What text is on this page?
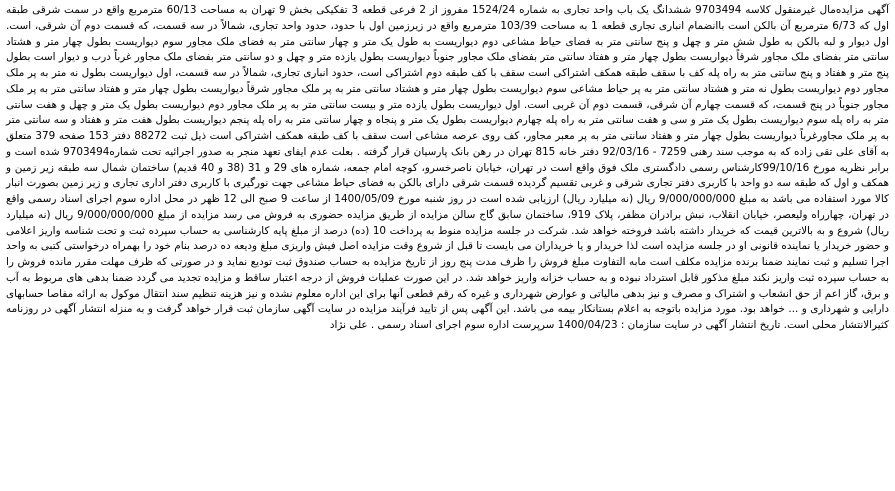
آگهی مزایده‌مال غیرمنقول کلاسه 9703494 ششدانگ یک باب واحد تجاری به شماره 1524/24 مفروز از 2 فرعی قطعه 3 تفکیکی بخش 9 تهران به مساحت 60/13 مترمربع واقع در سمت شرقی طبقه اول که 6/73 مترمربع آن بالکن است باانضمام انباری تجاری قطعه 1 به مساحت 103/39 مترمربع واقع در زیرزمین اول با حدود، حدود واحد تجاری، شمالاً در سه قسمت، که قسمت دوم آن شرقی، است. اول دیوار و لبه بالکن به طول شش متر و چهل و پنج سانتی متر به فضای حیاط مشاعی دوم دیواریست به طول یک متر و چهار سانتی متر به فضای ملک مجاور سوم دیواریست بطول چهار متر و هشتاد سانتی متر بفضای ملک مجاور شرقاً دیواریست بطول چهار متر و هفتاد سانتی متر بفضای ملک مجاور جنوباً دیواریست بطول یازده متر و چهل و دو سانتی متر بفضای ملک مجاور غرباً درب و دیوار است بطول پنج متر و هفتاد و پنج سانتی متر به راه پله کف با سقف طبقه همکف اشتراکی است سقف با کف طبقه دوم اشتراکی است، حدود انباری تجاری، شمالاً در سه قسمت، اول دیواریست بطول نه متر به پر ملک مجاور دوم دیواریست بطول نه متر و هشتاد سانتی متر به پر حیاط مشاعی سوم دیواریست بطول چهار متر و هشتاد سانتی متر به پر ملک مجاور شرقاً دیواریست بطول چهار متر و هفتاد سانتی متر به پر ملک مجاور جنوباً در پنج قسمت، که قسمت چهارم آن شرقی، قسمت دوم آن غربی است. اول دیواریست بطول یازده متر و بیست سانتی متر به پر ملک مجاور دوم دیواریست بطول یک متر و چهل و هفت سانتی متر به راه پله سوم دیواریست بطول یک متر و سی و هفت سانتی متر به راه پله چهارم دیواریست بطول یک متر و پنجاه و چهار سانتی متر به راه پله پنجم دیواریست بطول هفت متر و هفتاد و سه سانتی متر به پر ملک مجاورغرباً دیواریست بطول چهار متر و هفتاد سانتی متر به پر معبر مجاور، کف روی عرصه مشاعی است سقف با کف طبقه همکف اشتراکی است ذیل ثبت 88272 دفتر 153 صفحه 379 متعلق به آقای علی تقی زاده که به موجب سند رهنی 7259 - 92/03/16 دفتر خانه 815 تهران در رهن بانک پارسیان قرار گرفته . بعلت عدم ایفای تعهد منجر به صدور اجرائیه تحت شماره9703494 شده است و برابر نظریه مورخ 99/10/16کارشناس رسمی دادگستری ملک فوق واقع است در تهران، خیابان ناصرخسرو، کوچه امام جمعه، شماره های 29 و 31 (38 و 40 قدیم) ساختمان شمال سه طبقه زیر زمین و همکف و اول که طبقه سه دو واحد با کاربری دفتر تجاری شرقی و غربی تقسیم گردیده قسمت شرقی دارای بالکن به فضای حیاط مشاعی جهت نورگیری با کاربری دفتر اداری تجاری و زیر زمین بصورت انبار کالا مورد استفاده می باشد به مبلغ 9/000/000/000 ریال (نه میلیارد ریال) ارزیابی شده است در روز شنبه مورخ 1400/05/09 از ساعت 9 صبح الی 12 ظهر در محل اداره سوم اجرای اسناد رسمی واقع در تهران، چهارراه ولیعصر، خیابان انقلاب، نبش برادران مظفر، پلاک 919، ساختمان سابق گاج سالن مزایده از طریق مزایده حضوری به فروش می رسد مزایده از مبلغ 9/000/000/000 ریال (نه میلیارد ریال) شروع و به بالاترین قیمت که خریدار داشته باشد فروخته خواهد شد. شرکت در جلسه مزایده منوط به پرداخت 10 (ده) درصد از مبلغ پایه کارشناسی به حساب سپرده ثبت و تحت شناسه واریز اعلامی و حضور خریدار یا نماینده قانونی او در جلسه مزایده است لذا خریدار و یا خریداران می بایست تا قبل از شروع وقت مزایده اصل فیش واریزی مبلغ ودیعه ده درصد بنام خود را بهمراه درخواستی کتبی به واحد اجرا تسلیم و ثبت نمایند ضمنا برنده مزایده مکلف است مابه التفاوت مبلغ فروش را ظرف مدت پنج روز از تاریخ مزایده به حساب صندوق ثبت تودیع نماید و در صورتی که ظرف مهلت مقرر مانده فروش را به حساب سپرده ثبت واریز نکند مبلغ مذکور قابل استرداد نبوده و به حساب خزانه واریز خواهد شد. در این صورت عملیات فروش از درجه اعتبار ساقط و مزایده تجدید می گردد ضمنا بدهی های مربوط به آب و برق، گاز اعم از حق انشعاب و اشتراک و مصرف و نیز بدهی مالیاتی و عوارض شهرداری و غیره که رقم قطعی آنها برای این اداره معلوم نشده و نیز هزینه تنظیم سند انتقال موکول به ارائه مفاصا حسابهای دارایی و شهرداری و ... خواهد بود. مورد مزایده باتوجه به اعلام بستانکار بیمه می باشد. این آگهی پس از تایید فرآیند مزایده در سایت آگهی سازمان ثبت قرار خواهد گرفت و به منزله انتشار آگهی در روزنامه کثیرالانتشار محلی است. تاریخ انتشار آگهی در سایت سازمان : 1400/04/23 سرپرست اداره سوم اجرای اسناد رسمی . علی نژاد
